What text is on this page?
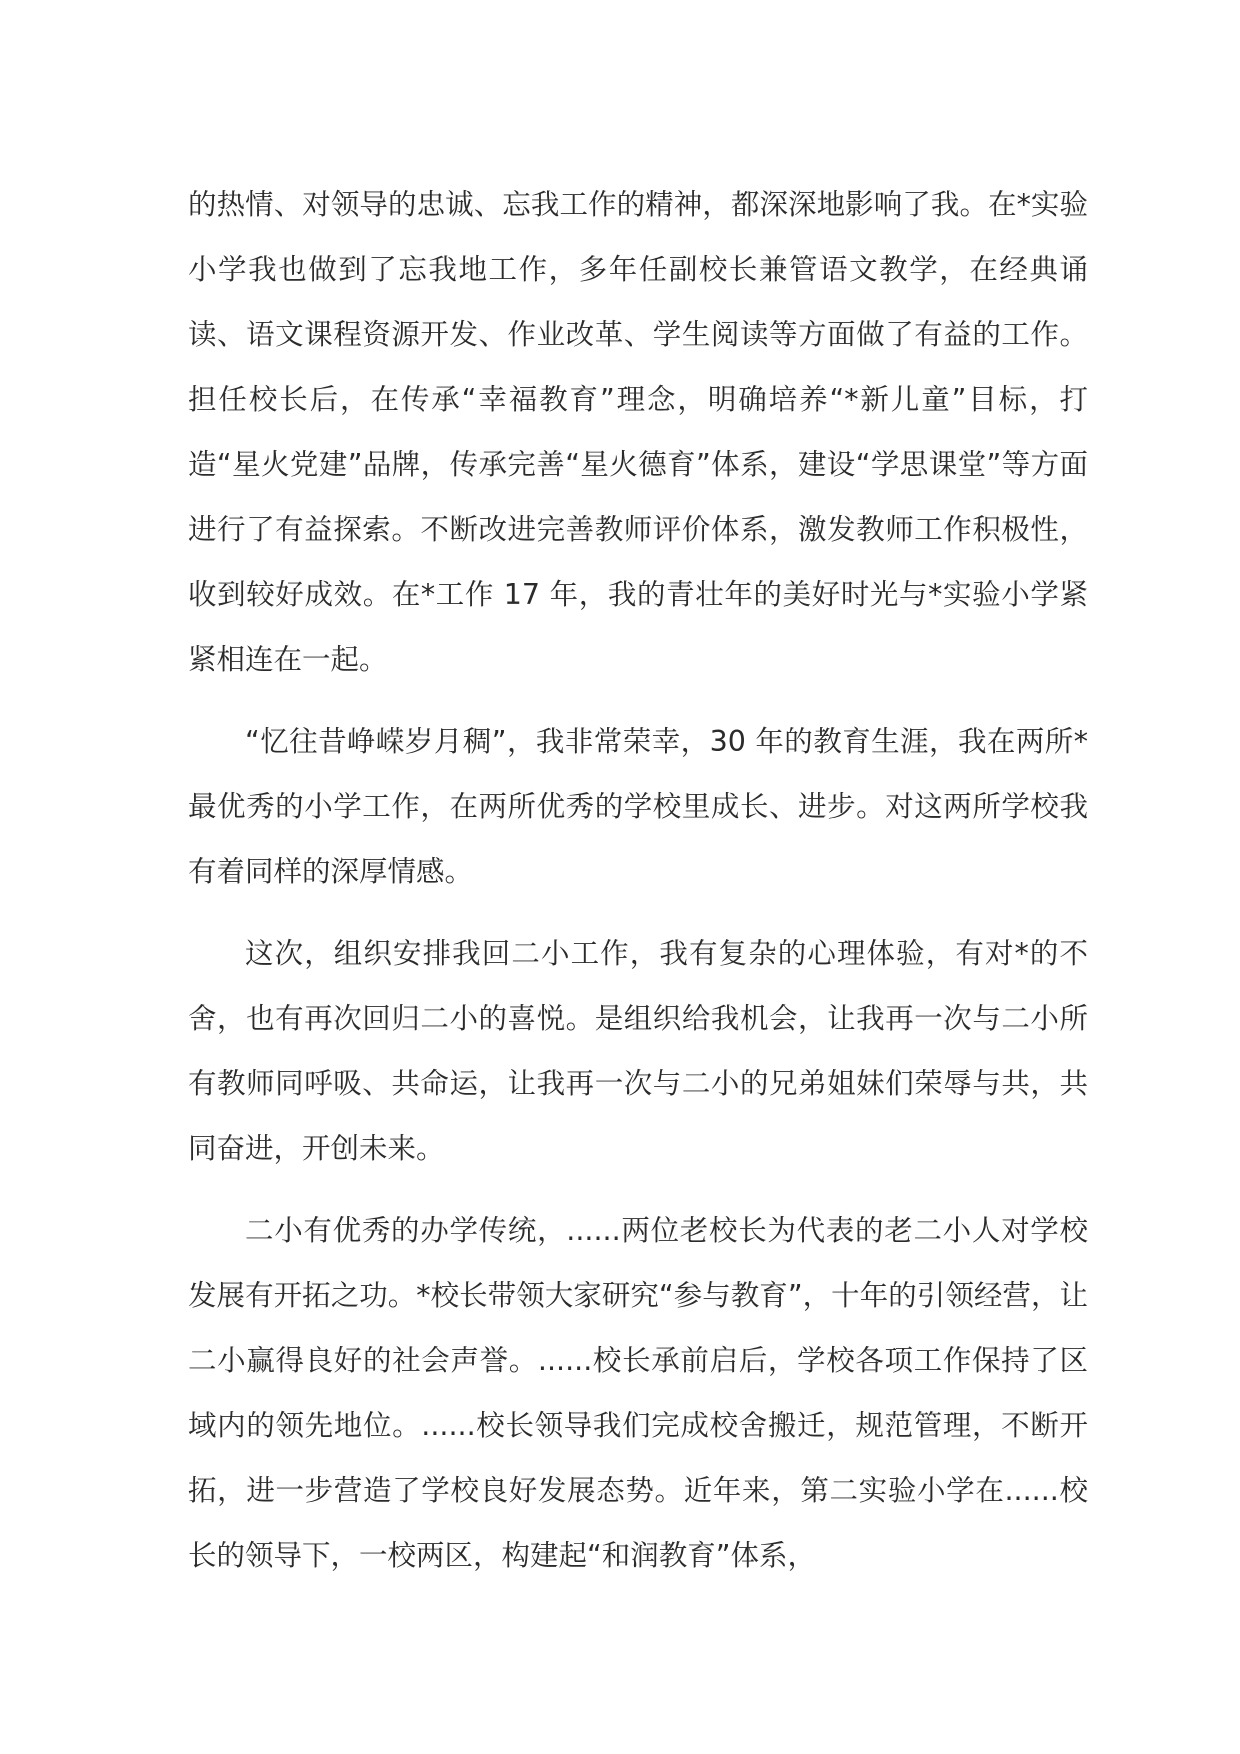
的热情、对领导的忠诚、忘我工作的精神，都深深地影响了我。在*实验小学我也做到了忘我地工作，多年任副校长兼管语文教学，在经典诵读、语文课程资源开发、作业改革、学生阅读等方面做了有益的工作。担任校长后，在传承“幸福教育”理念，明确培养“*新儿童”目标，打造“星火党建”品牌，传承完善“星火德育”体系，建设“学思课堂”等方面进行了有益探索。不断改进完善教师评价体系，激发教师工作积极性，收到较好成效。在*工作 17 年，我的青壮年的美好时光与*实验小学紧紧相连在一起。

“忆往昔峥嵘岁月稠”，我非常荣幸，30 年的教育生涯，我在两所*最优秀的小学工作，在两所优秀的学校里成长、进步。对这两所学校我有着同样的深厚情感。

这次，组织安排我回二小工作，我有复杂的心理体验，有对*的不舍，也有再次回归二小的喜悦。是组织给我机会，让我再一次与二小所有教师同呼吸、共命运，让我再一次与二小的兄弟姐妹们荣辱与共，共同奋进，开创未来。

二小有优秀的办学传统，......两位老校长为代表的老二小人对学校发展有开拓之功。*校长带领大家研究“参与教育”，十年的引领经营，让二小赢得良好的社会声誉。......校长承前启后，学校各项工作保持了区域内的领先地位。......校长领导我们完成校舍搬迁，规范管理，不断开拓，进一步营造了学校良好发展态势。近年来，第二实验小学在......校长的领导下，一校两区，构建起“和润教育”体系，
